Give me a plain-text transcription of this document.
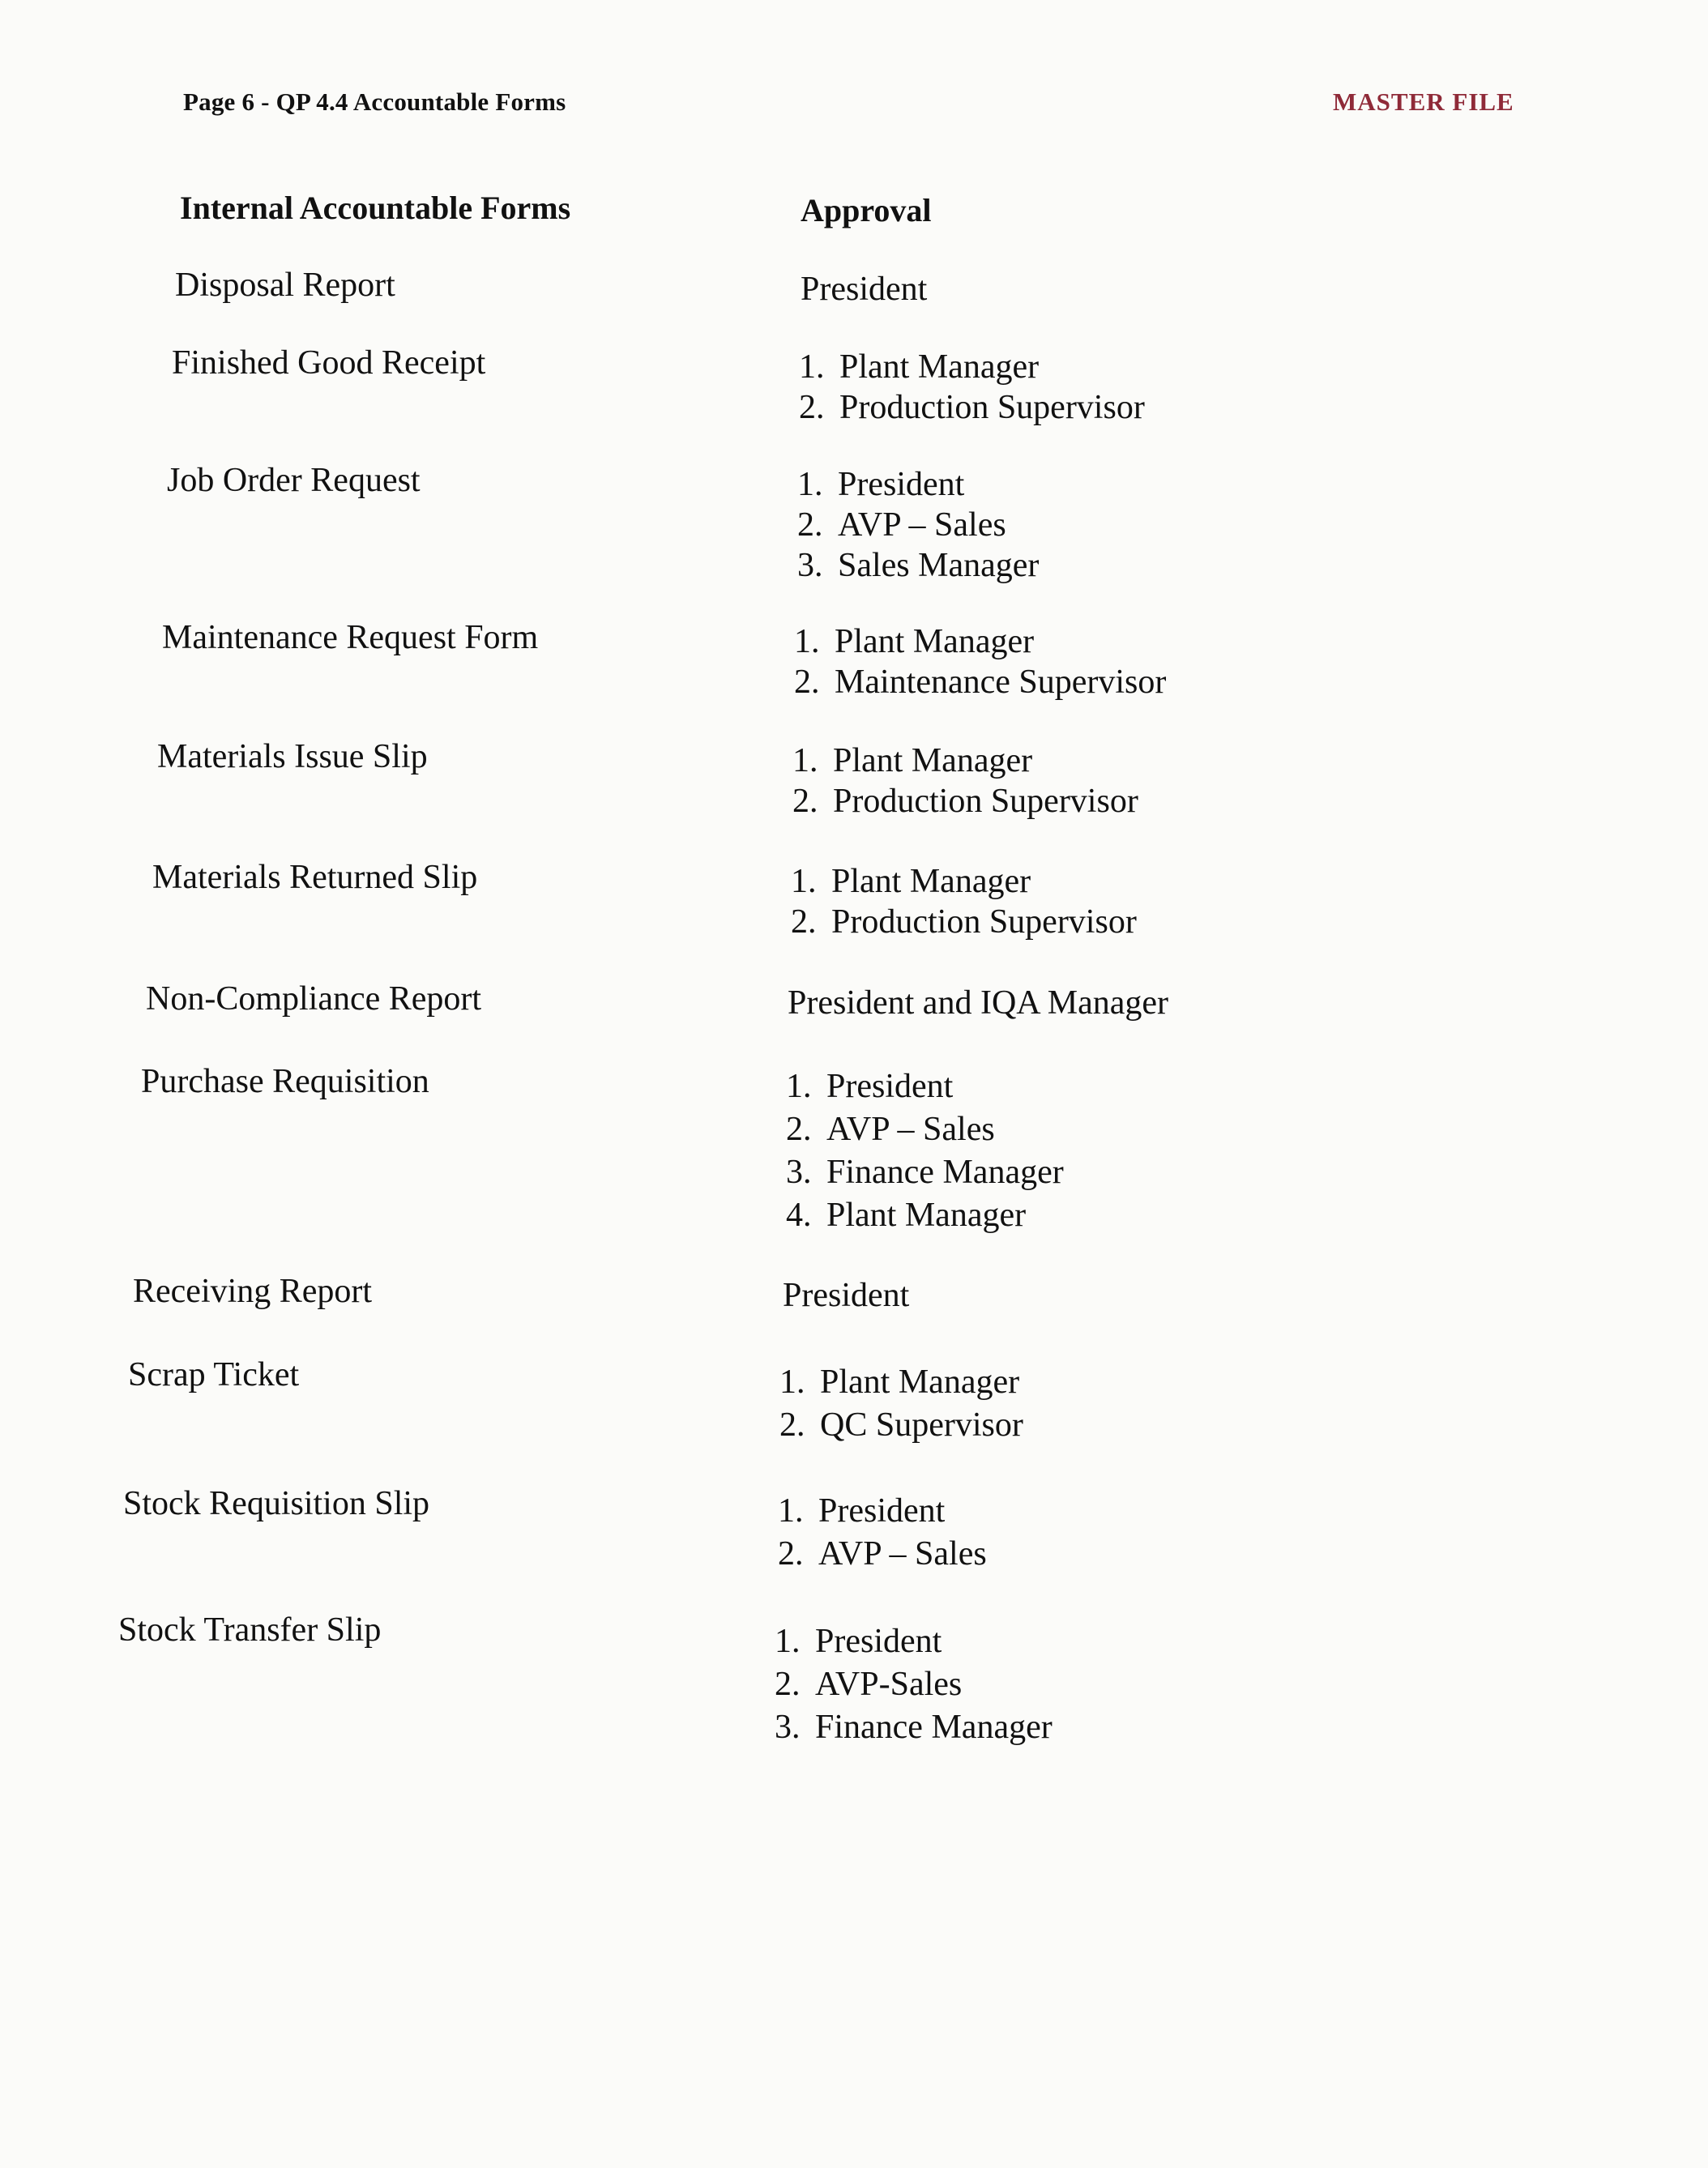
Page 6 - QP 4.4 Accountable Forms	MASTER FILE
Internal Accountable Forms	Approval
Disposal Report	President
Finished Good Receipt	1. Plant Manager
2. Production Supervisor
Job Order Request	1. President
2. AVP – Sales
3. Sales Manager
Maintenance Request Form	1. Plant Manager
2. Maintenance Supervisor
Materials Issue Slip	1. Plant Manager
2. Production Supervisor
Materials Returned Slip	1. Plant Manager
2. Production Supervisor
Non-Compliance Report	President and IQA Manager
Purchase Requisition	1. President
2. AVP – Sales
3. Finance Manager
4. Plant Manager
Receiving Report	President
Scrap Ticket	1. Plant Manager
2. QC Supervisor
Stock Requisition Slip	1. President
2. AVP – Sales
Stock Transfer Slip	1. President
2. AVP-Sales
3. Finance Manager
